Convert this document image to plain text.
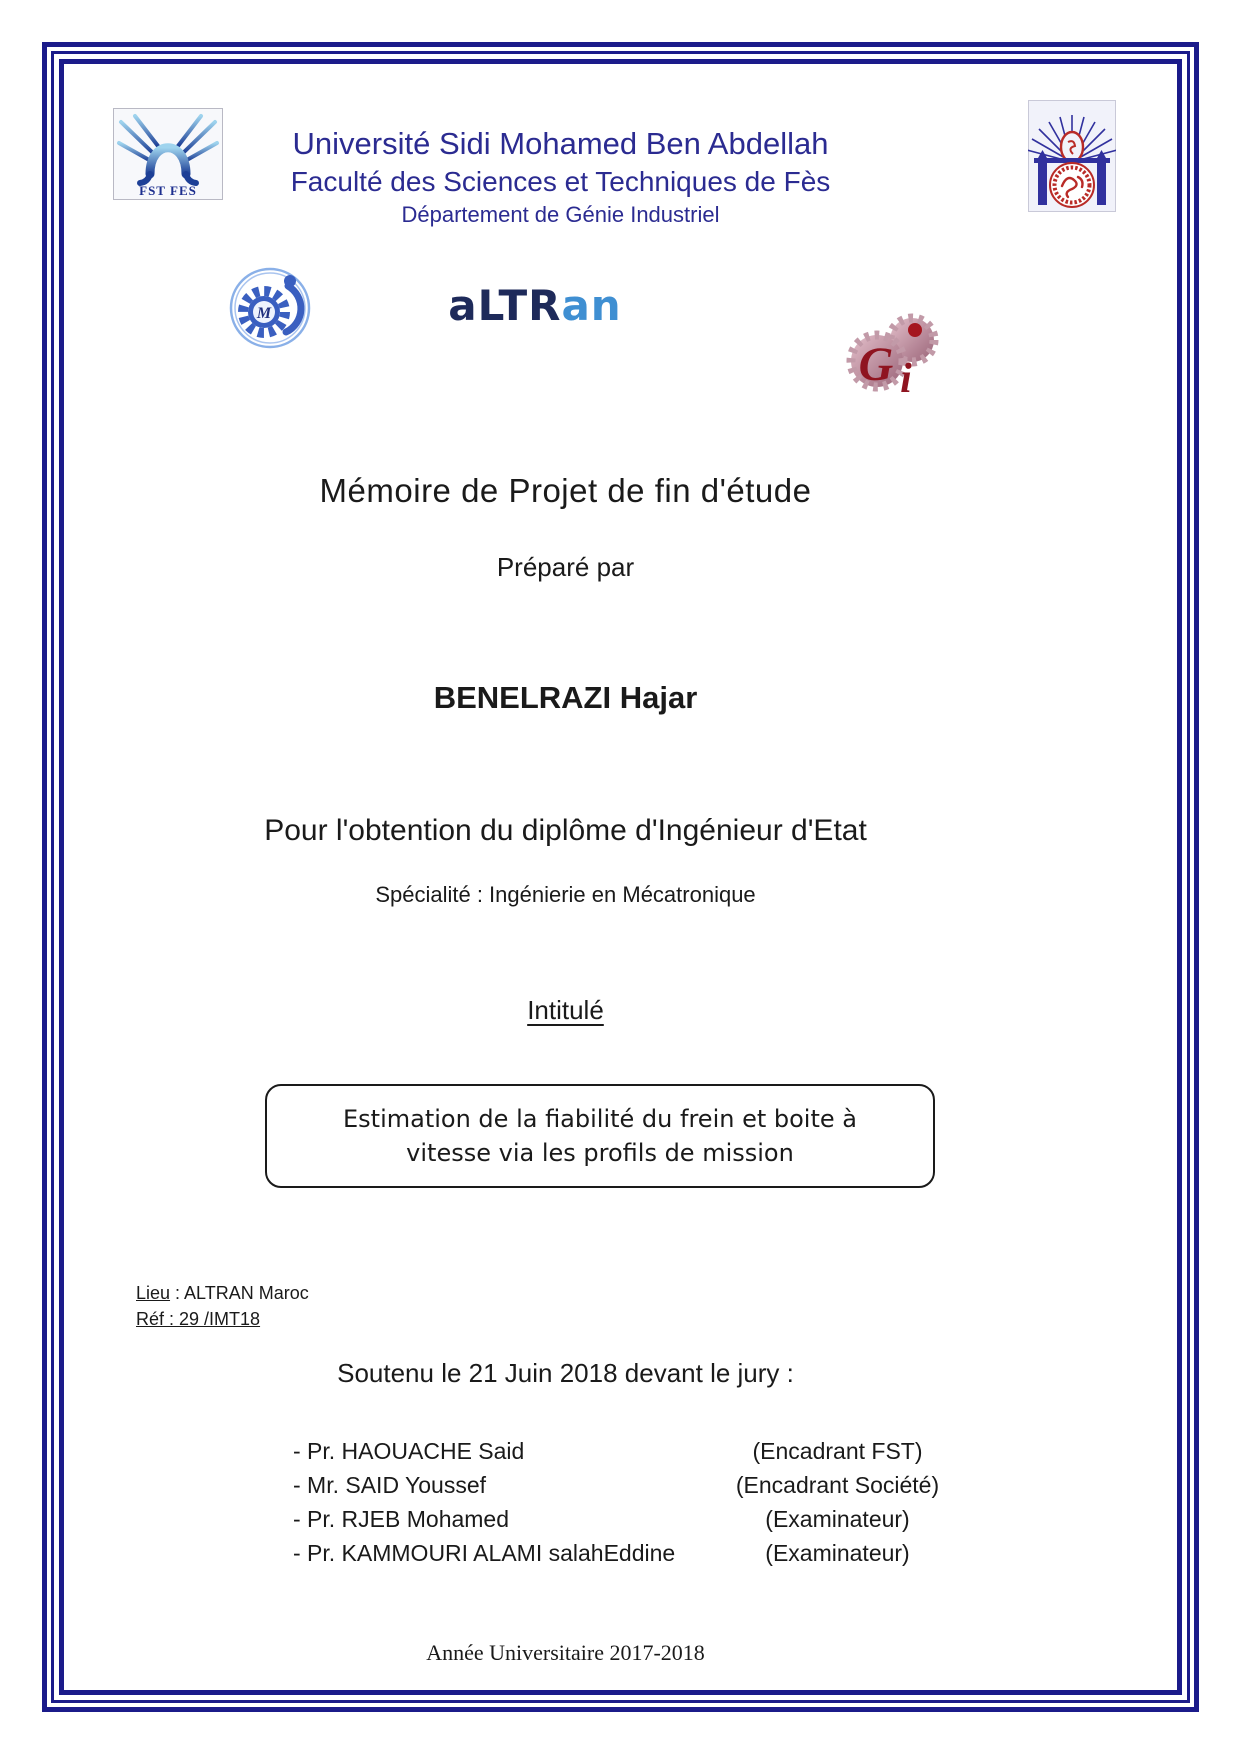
FST FES
Université Sidi Mohamed Ben Abdellah
Faculté des Sciences et Techniques de Fès
Département de Génie Industriel
M	aLTRan
G i
Mémoire de Projet de fin d'étude
Préparé par
BENELRAZI Hajar
Pour l'obtention du diplôme d'Ingénieur d'Etat
Spécialité : Ingénierie en Mécatronique
Intitulé
Estimation de la fiabilité du frein et boite à
vitesse via les profils de mission
Lieu : ALTRAN Maroc
Réf : 29 /IMT18
Soutenu le 21 Juin 2018 devant le jury :
- Pr. HAOUACHE Said	(Encadrant FST)
- Mr. SAID Youssef	(Encadrant Société)
- Pr. RJEB Mohamed	(Examinateur)
- Pr. KAMMOURI ALAMI salahEddine	(Examinateur)
Année Universitaire 2017-2018
